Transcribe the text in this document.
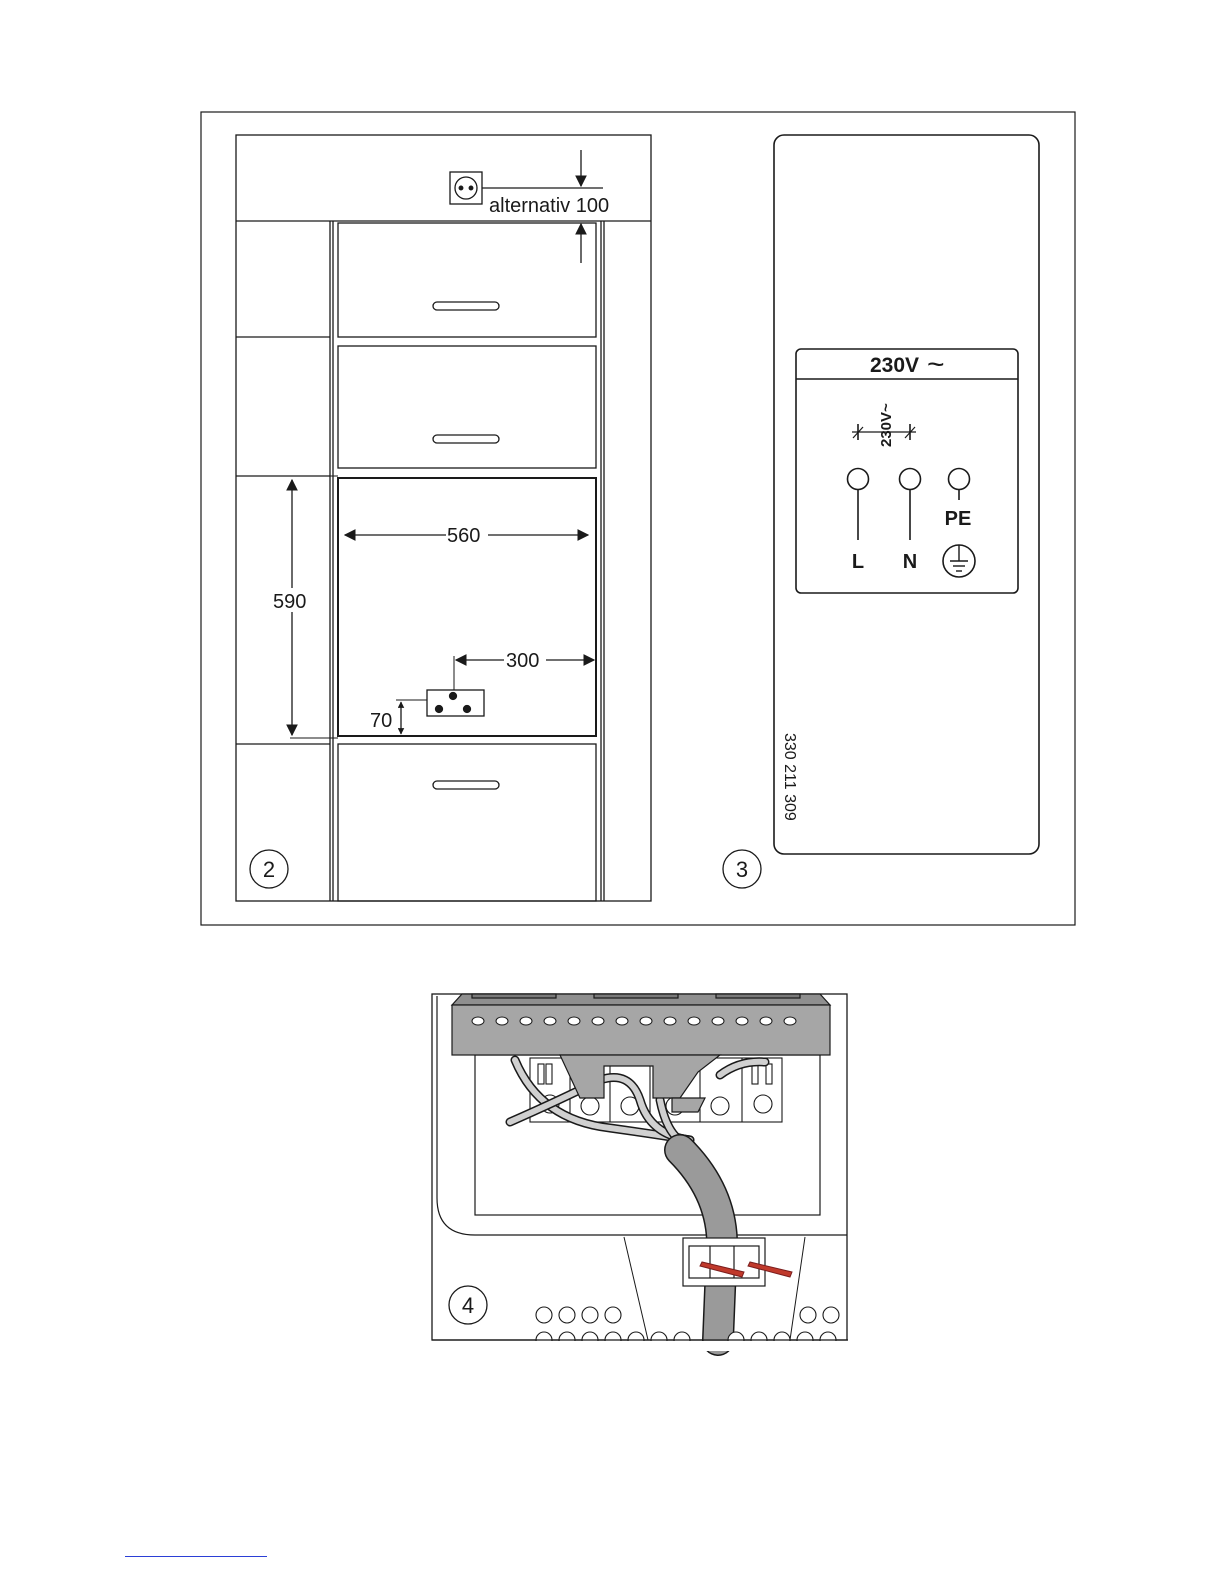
alternativ 100
560
590
300
70
2
230V ~
230V~
L N
PE
330 211 309
3
4
